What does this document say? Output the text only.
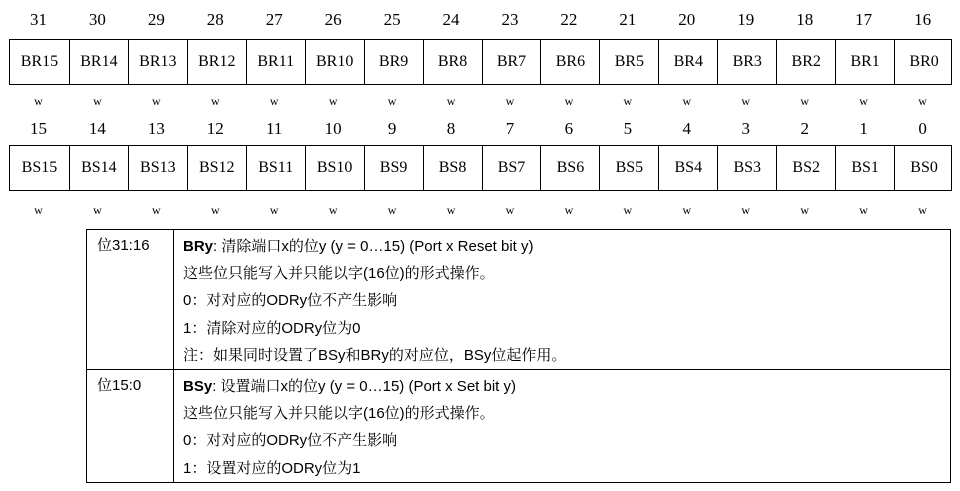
31	30	29	28	27	26	25	24	23	22	21	20	19	18	17	16
BR15	BR14	BR13	BR12	BR11	BR10	BR9	BR8	BR7	BR6	BR5	BR4	BR3	BR2	BR1	BR0
w	w	w	w	w	w	w	w	w	w	w	w	w	w	w	w
15	14	13	12	11	10	9	8	7	6	5	4	3	2	1	0
BS15	BS14	BS13	BS12	BS11	BS10	BS9	BS8	BS7	BS6	BS5	BS4	BS3	BS2	BS1	BS0
w	w	w	w	w	w	w	w	w	w	w	w	w	w	w	w
位31:16	BRy: 清除端口x的位y (y = 0…15) (Port x Reset bit y)
这些位只能写入并只能以字(16位)的形式操作。
0：对对应的ODRy位不产生影响
1：清除对应的ODRy位为0
注：如果同时设置了BSy和BRy的对应位，BSy位起作用。

位15:0	BSy: 设置端口x的位y (y = 0…15) (Port x Set bit y)
这些位只能写入并只能以字(16位)的形式操作。
0：对对应的ODRy位不产生影响
1：设置对应的ODRy位为1
